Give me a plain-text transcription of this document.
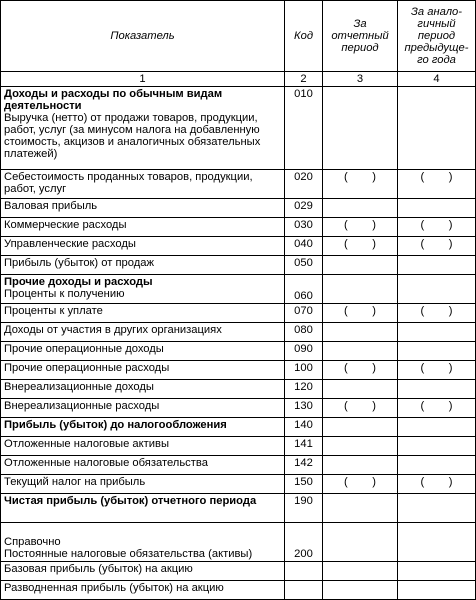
Показатель	Код	За отчетный период	За анало-гичный период предыдуще-го года
1	2	3	4

Доходы и расходы по обычным видам деятельности
Выручка (нетто) от продажи товаров, продукции, работ, услуг (за минусом налога на добавленную стоимость, акцизов и аналогичных обязательных платежей)	010		
Себестоимость проданных товаров, продукции, работ, услуг	020	( )	( )

Валовая прибыль	029		
Коммерческие расходы	030	( )	( )

Управленческие расходы	040	( )	( )

Прибыль (убыток) от продаж	050		

Прочие доходы и расходы
Проценты к получению	060		
Проценты к уплате	070	( )	( )

Доходы от участия в других организациях	080		
Прочие операционные доходы	090		
Прочие операционные расходы	100	( )	( )

Внереализационные доходы	120		
Внереализационные расходы	130	( )	( )

Прибыль (убыток) до налогообложения	140		
Отложенные налоговые активы	141		
Отложенные налоговые обязательства	142		
Текущий налог на прибыль	150	( )	( )

Чистая прибыль (убыток) отчетного периода	190		

Справочно
Постоянные налоговые обязательства (активы)	200		
Базовая прибыль (убыток) на акцию			
Разводненная прибыль (убыток) на акцию			
